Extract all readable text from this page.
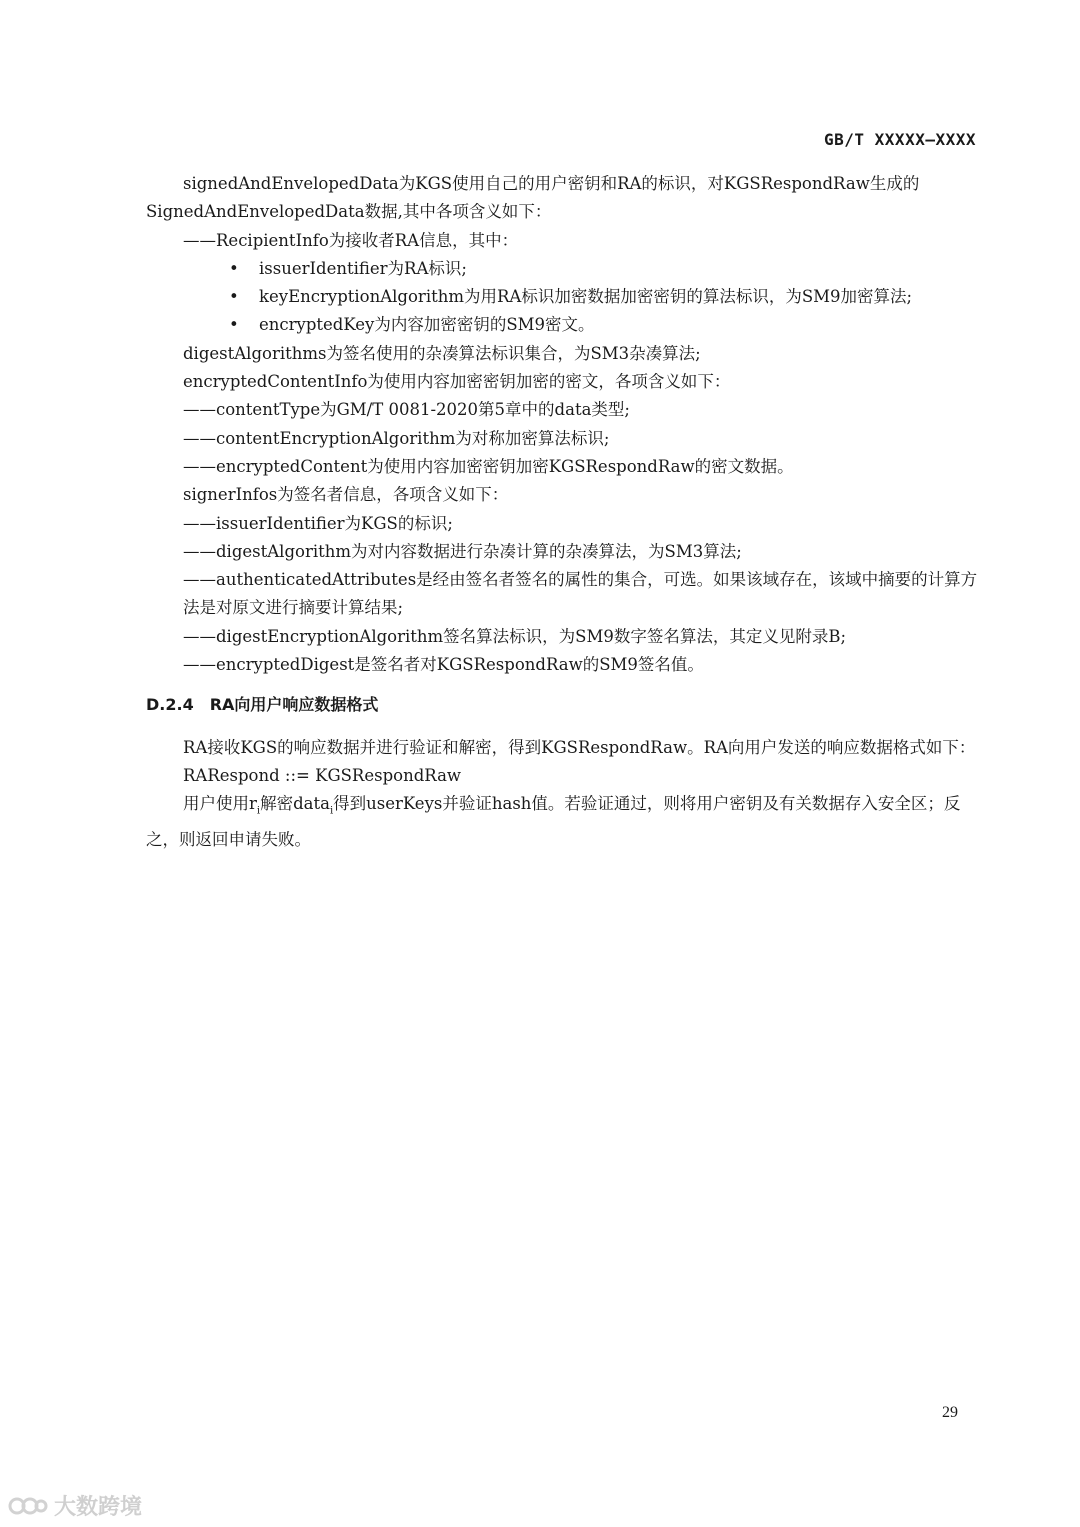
GB/T XXXXX—XXXX

signedAndEnvelopedData为KGS使用自己的用户密钥和RA的标识，对KGSRespondRaw生成的SignedAndEnvelopedData数据,其中各项含义如下：

——RecipientInfo为接收者RA信息，其中：

• issuerIdentifier为RA标识;

• keyEncryptionAlgorithm为用RA标识加密数据加密密钥的算法标识，为SM9加密算法;

• encryptedKey为内容加密密钥的SM9密文。

digestAlgorithms为签名使用的杂凑算法标识集合，为SM3杂凑算法;

encryptedContentInfo为使用内容加密密钥加密的密文，各项含义如下：

——contentType为GM/T 0081-2020第5章中的data类型;

——contentEncryptionAlgorithm为对称加密算法标识;

——encryptedContent为使用内容加密密钥加密KGSRespondRaw的密文数据。

signerInfos为签名者信息，各项含义如下：

——issuerIdentifier为KGS的标识;

——digestAlgorithm为对内容数据进行杂凑计算的杂凑算法，为SM3算法;

——authenticatedAttributes是经由签名者签名的属性的集合，可选。如果该域存在，该域中摘要的计算方法是对原文进行摘要计算结果;

——digestEncryptionAlgorithm签名算法标识，为SM9数字签名算法，其定义见附录B;

——encryptedDigest是签名者对KGSRespondRaw的SM9签名值。

D.2.4 RA向用户响应数据格式

RA接收KGS的响应数据并进行验证和解密，得到KGSRespondRaw。RA向用户发送的响应数据格式如下：

RARespond ::= KGSRespondRaw

用户使用$r_i$解密data$_i$得到userKeys并验证hash值。若验证通过，则将用户密钥及有关数据存入安全区；反之，则返回申请失败。

29
大数跨境
